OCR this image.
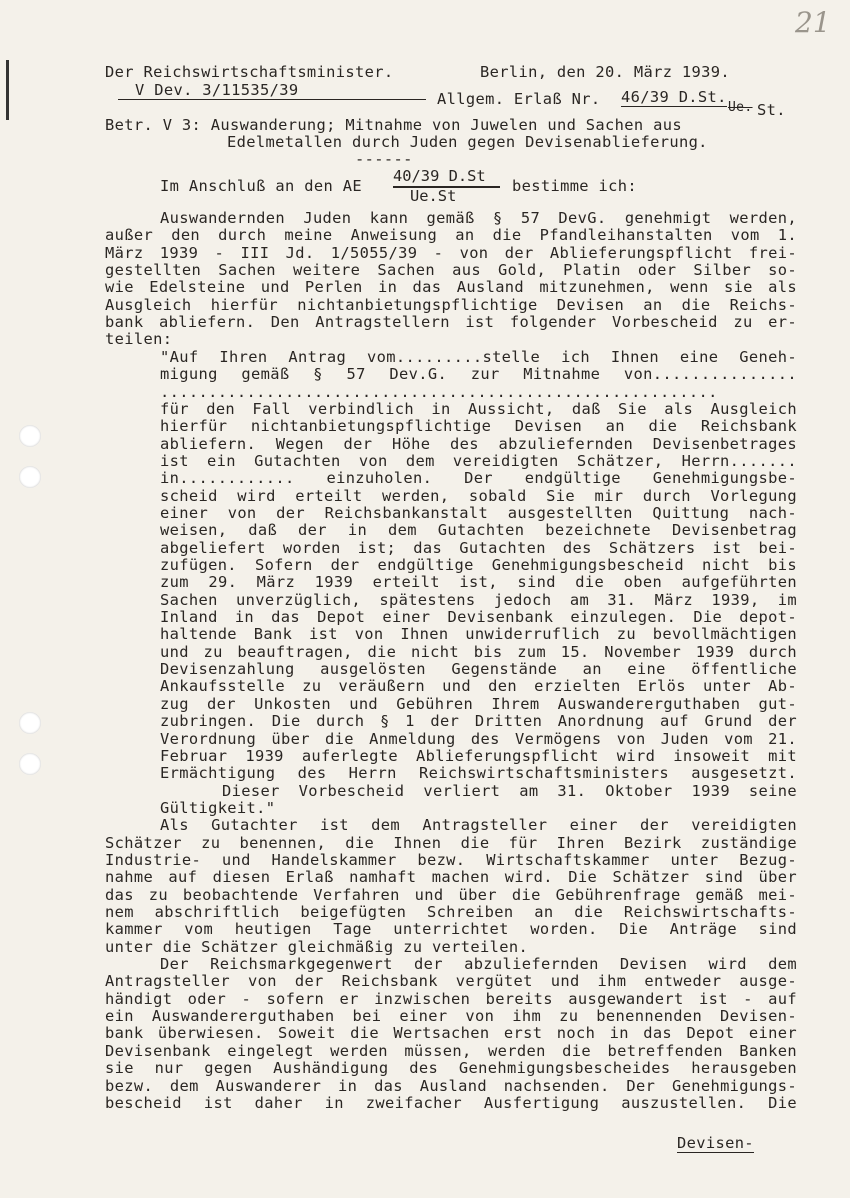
21
Der Reichswirtschaftsminister.	Berlin, den 20. März 1939.
V Dev. 3/11535/39	Allgem. Erlaß Nr. 46/39 D.St.
Ue. St.
Betr. V 3: Auswanderung; Mitnahme von Juwelen und Sachen aus
Edelmetallen durch Juden gegen Devisenablieferung.
------
Im Anschluß an den AE
40/39 D.St
Ue.St
bestimme ich:
Auswandernden Juden kann gemäß § 57 DevG. genehmigt werden,
außer den durch meine Anweisung an die Pfandleihanstalten vom 1.
März 1939 - III Jd. 1/5055/39 - von der Ablieferungspflicht frei-
gestellten Sachen weitere Sachen aus Gold, Platin oder Silber so-
wie Edelsteine und Perlen in das Ausland mitzunehmen, wenn sie als
Ausgleich hierfür nichtanbietungspflichtige Devisen an die Reichs-
bank abliefern. Den Antragstellern ist folgender Vorbescheid zu er-
teilen:
"Auf Ihren Antrag vom.........stelle ich Ihnen eine Geneh-
migung gemäß § 57 Dev.G. zur Mitnahme von...............
..........................................................
für den Fall verbindlich in Aussicht, daß Sie als Ausgleich
hierfür nichtanbietungspflichtige Devisen an die Reichsbank
abliefern. Wegen der Höhe des abzuliefernden Devisenbetrages
ist ein Gutachten von dem vereidigten Schätzer, Herrn.......
in............ einzuholen. Der endgültige Genehmigungsbe-
scheid wird erteilt werden, sobald Sie mir durch Vorlegung
einer von der Reichsbankanstalt ausgestellten Quittung nach-
weisen, daß der in dem Gutachten bezeichnete Devisenbetrag
abgeliefert worden ist; das Gutachten des Schätzers ist bei-
zufügen. Sofern der endgültige Genehmigungsbescheid nicht bis
zum 29. März 1939 erteilt ist, sind die oben aufgeführten
Sachen unverzüglich, spätestens jedoch am 31. März 1939, im
Inland in das Depot einer Devisenbank einzulegen. Die depot-
haltende Bank ist von Ihnen unwiderruflich zu bevollmächtigen
und zu beauftragen, die nicht bis zum 15. November 1939 durch
Devisenzahlung ausgelösten Gegenstände an eine öffentliche
Ankaufsstelle zu veräußern und den erzielten Erlös unter Ab-
zug der Unkosten und Gebühren Ihrem Auswandererguthaben gut-
zubringen. Die durch § 1 der Dritten Anordnung auf Grund der
Verordnung über die Anmeldung des Vermögens von Juden vom 21.
Februar 1939 auferlegte Ablieferungspflicht wird insoweit mit
Ermächtigung des Herrn Reichswirtschaftsministers ausgesetzt.
Dieser Vorbescheid verliert am 31. Oktober 1939 seine
Gültigkeit."
Als Gutachter ist dem Antragsteller einer der vereidigten
Schätzer zu benennen, die Ihnen die für Ihren Bezirk zuständige
Industrie- und Handelskammer bezw. Wirtschaftskammer unter Bezug-
nahme auf diesen Erlaß namhaft machen wird. Die Schätzer sind über
das zu beobachtende Verfahren und über die Gebührenfrage gemäß mei-
nem abschriftlich beigefügten Schreiben an die Reichswirtschafts-
kammer vom heutigen Tage unterrichtet worden. Die Anträge sind
unter die Schätzer gleichmäßig zu verteilen.
Der Reichsmarkgegenwert der abzuliefernden Devisen wird dem
Antragsteller von der Reichsbank vergütet und ihm entweder ausge-
händigt oder - sofern er inzwischen bereits ausgewandert ist - auf
ein Auswandererguthaben bei einer von ihm zu benennenden Devisen-
bank überwiesen. Soweit die Wertsachen erst noch in das Depot einer
Devisenbank eingelegt werden müssen, werden die betreffenden Banken
sie nur gegen Aushändigung des Genehmigungsbescheides herausgeben
bezw. dem Auswanderer in das Ausland nachsenden. Der Genehmigungs-
bescheid ist daher in zweifacher Ausfertigung auszustellen. Die
Devisen-
